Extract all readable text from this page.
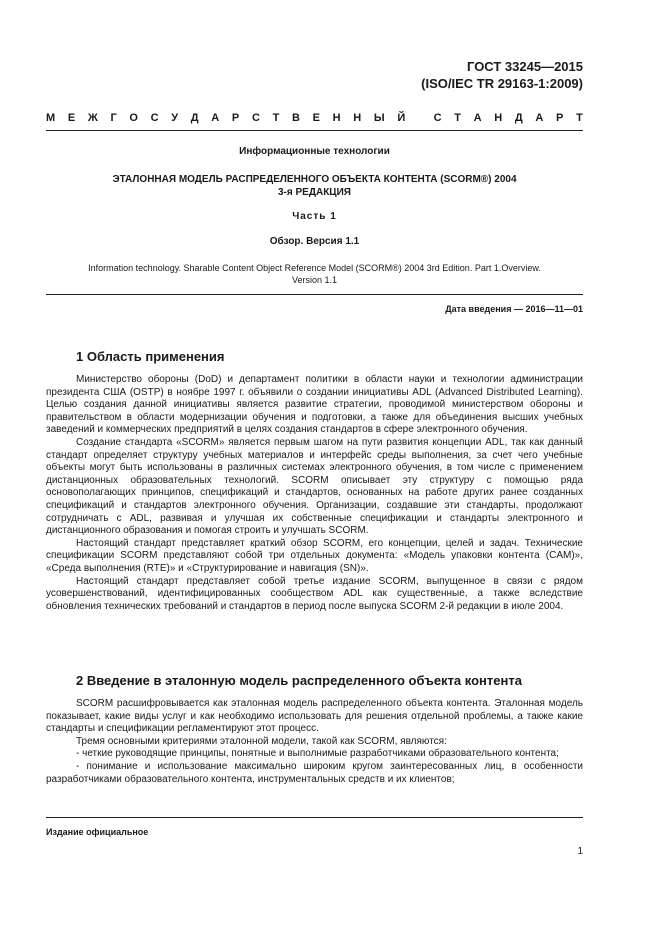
ГОСТ 33245—2015
(ISO/IEC TR 29163-1:2009)
М Е Ж Г О С У Д А Р С Т В Е Н Н Ы Й
	С Т А Н Д А Р Т
Информационные технологии
ЭТАЛОННАЯ МОДЕЛЬ РАСПРЕДЕЛЕННОГО ОБЪЕКТА КОНТЕНТА (SCORM®) 2004
3-я РЕДАКЦИЯ
Часть 1
Обзор. Версия 1.1
Information technology. Sharable Content Object Reference Model (SCORM®) 2004 3rd Edition. Part 1.Overview.
Version 1.1
Дата введения — 2016—11—01
1 Область применения

Министерство обороны (DoD) и департамент политики в области науки и технологии администрации президента США (OSTP) в ноябре 1997 г. объявили о создании инициативы ADL (Advanced Distributed Learning). Целью создания данной инициативы является развитие стратегии, проводимой министерством обороны и правительством в области модернизации обучения и подготовки, а также для объединения высших учебных заведений и коммерческих предприятий в целях создания стандартов в сфере электронного обучения.

Создание стандарта «SCORM» является первым шагом на пути развития концепции ADL, так как данный стандарт определяет структуру учебных материалов и интерфейс среды выполнения, за счет чего учебные объекты могут быть использованы в различных системах электронного обучения, в том числе с применением дистанционных образовательных технологий. SCORM описывает эту структуру с помощью ряда основополагающих принципов, спецификаций и стандартов, основанных на работе других ранее созданных спецификаций и стандартов электронного обучения. Организации, создавшие эти стандарты, продолжают сотрудничать с ADL, развивая и улучшая их собственные спецификации и стандарты электронного и дистанционного образования и помогая строить и улучшать SCORM.

Настоящий стандарт представляет краткий обзор SCORM, его концепции, целей и задач. Технические спецификации SCORM представляют собой три отдельных документа: «Модель упаковки контента (CAM)», «Среда выполнения (RTE)» и «Структурирование и навигация (SN)».

Настоящий стандарт представляет собой третье издание SCORM, выпущенное в связи с рядом усовершенствований, идентифицированных сообществом ADL как существенные, а также вследствие обновления технических требований и стандартов в период после выпуска SCORM 2-й редакции в июле 2004.

2 Введение в эталонную модель распределенного объекта контента

SCORM расшифровывается как эталонная модель распределенного объекта контента. Эталонная модель показывает, какие виды услуг и как необходимо использовать для решения отдельной проблемы, а также какие стандарты и спецификации регламентируют этот процесс.

Тремя основными критериями эталонной модели, такой как SCORM, являются:

- четкие руководящие принципы, понятные и выполнимые разработчиками образовательного контента;

- понимание и использование максимально широким кругом заинтересованных лиц, в особенности разработчиками образовательного контента, инструментальных средств и их клиентов;

Издание официальное
1
